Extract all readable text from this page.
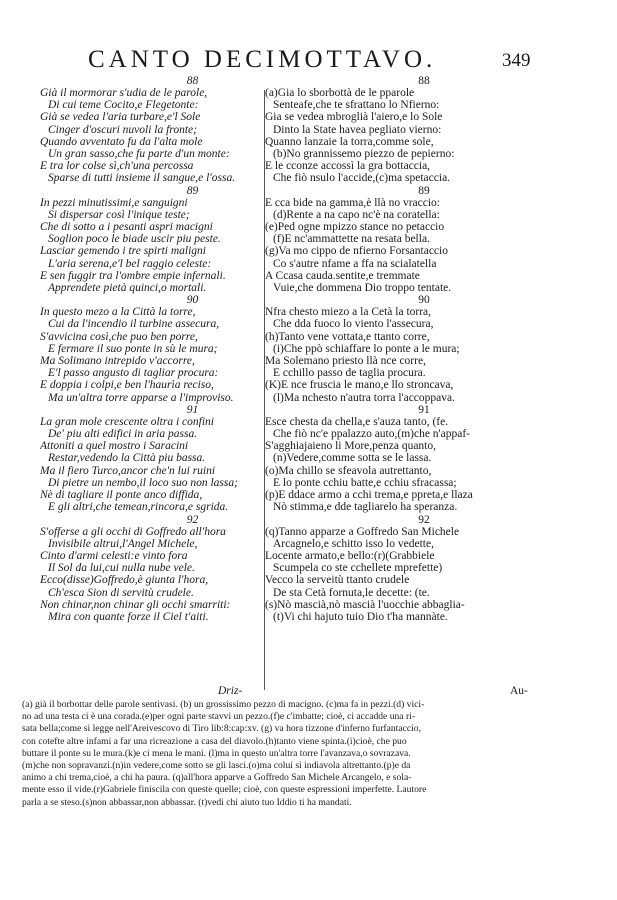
CANTO DECIMOTTAVO.	349
88
Già il mormorar s'udia de le parole,
Di cui teme Cocito,e Flegetonte:
Già se vedea l'aria turbare,e'l Sole
Cinger d'oscuri nuvoli la fronte;
Quando avventato fu da l'alta mole
Un gran sasso,che fu parte d'un monte:
E tra lor colse sì,ch'una percossa
Sparse di tutti insieme il sangue,e l'ossa.
89
In pezzi minutissimi,e sanguigni
Si dispersar così l'inique teste;
Che di sotto a i pesanti aspri macigni
Soglion poco le biade uscir piu peste.
Lasciar gemendo i tre spirti maligni
L'aria serena,e'l bel raggio celeste:
E sen fuggir tra l'ombre empie infernali.
Apprendete pietà quinci,o mortali.
90
In questo mezo a la Città la torre,
Cui da l'incendio il turbine assecura,
S'avvicina così,che puo ben porre,
E fermare il suo ponte in sù le mura;
Ma Solimano intrepido v'accorre,
E'l passo angusto di tagliar procura:
E doppia i colpi,e ben l'haurìa reciso,
Ma un'altra torre apparse a l'improviso.
91
La gran mole crescente oltra i confini
De' piu alti edifici in aria passa.
Attoniti a quel mostro i Saracini
Restar,vedendo la Città piu bassa.
Ma il fiero Turco,ancor che'n lui ruini
Di pietre un nembo,il loco suo non lassa;
Nè di tagliare il ponte anco diffida,
E gli altri,che temean,rincora,e sgrida.
92
S'offerse a gli occhi di Goffredo all'hora
Invisibile altrui,l'Angel Michele,
Cinto d'armi celesti:e vinto fora
Il Sol da lui,cui nulla nube vele.
Ecco(disse)Goffredo,è giunta l'hora,
Ch'esca Sion di servitù crudele.
Non chinar,non chinar gli occhi smarriti:
Mira con quante forze il Ciel t'aiti.
88
(a)Gia lo sborbottà de le pparole
Senteafe,che te sfrattano lo Nfierno:
Gia se vedea mbroglià l'aiero,e lo Sole
Dinto la State havea pegliato vierno:
Quanno lanzaie la torra,comme sole,
(b)No grannissemo piezzo de pepierno:
E le cconze accossì la gra bottaccia,
Che fiò nsulo l'accide,(c)ma spetaccia.
89
E cca bide na gamma,è llà no vraccio:
(d)Rente a na capo nc'è na coratella:
(e)Ped ogne mpizzo stance no petaccio
(f)E nc'ammattette na resata bella.
(g)Va mo cippo de nfierno Forsantaccio
Co s'autre nfame a ffa na scialatella
A Ccasa cauda.sentite,e tremmate
Vuie,che dommena Dio troppo tentate.
90
Nfra chesto miezo a la Cetà la torra,
Che dda fuoco lo viento l'assecura,
(h)Tanto vene vottata,e ttanto corre,
(i)Che ppò schiaffare lo ponte a le mura;
Ma Solemano priesto llà nce corre,
E cchillo passo de taglia procura.
(K)E nce fruscia le mano,e llo stroncava,
(l)Ma nchesto n'autra torra l'accoppava.
91
Esce chesta da chella,e s'auza tanto, (fe.
Che fiò nc'e ppalazzo auto,(m)che n'appaf-
S'agghiajaieno li More,penza quanto,
(n)Vedere,comme sotta se le lassa.
(o)Ma chillo se sfeavola autrettanto,
E lo ponte cchiu batte,e cchiu sfracassa;
(p)E ddace armo a cchi trema,e ppreta,e llaza
Nò stimma,e dde tagliarelo ha speranza.
92
(q)Tanno apparze a Goffredo San Michele
Arcagnelo,e schitto isso lo vedette,
Locente armato,e bello:(r)(Grabbiele
Scumpela co ste cchellete mprefette)
Vecco la serveitù ttanto crudele
De sta Cetà fornuta,le decette: (te.
(s)Nò mascià,nò mascià l'uocchie abbaglia-
(t)Vi chi hajuto tuio Dio t'ha mannàte.
Driz-	Au-
(a) già il borbottar delle parole sentivasi. (b) un grossissimo pezzo di macigno. (c)ma fa in pezzi.(d) vici-
no ad una testa ci è una corada.(e)per ogni parte stavvi un pezzo.(f)e c'imbatte; cioè, ci accadde una ri-
sata bella;come si legge nell'Areivescovo di Tiro lib:8:cap:xv. (g) va hora tizzone d'inferno furfantaccio,
con cotefte altre infami a far una ricreazione a casa del diavolo.(h)tanto viene spinta.(i)cioè, che puo
buttare il ponte su le mura.(k)e ci mena le mani. (l)ma in questo un'altra torre l'avanzava,o sovrazava.
(m)che non sopravanzi.(n)in vedere,come sotto se gli lasci.(o)ma colui si indiavola altrettanto.(p)e da
animo a chi trema,cioè, a chi ha paura. (q)all'hora apparve a Goffredo San Michele Arcangelo, e sola-
mente esso il vide.(r)Gabriele finiscila con queste quelle; cioè, con queste espressioni imperfette. Lautore
parla a se steso.(s)non abbassar,non abbassar. (t)vedi chi aiuto tuo Iddio ti ha mandati.
